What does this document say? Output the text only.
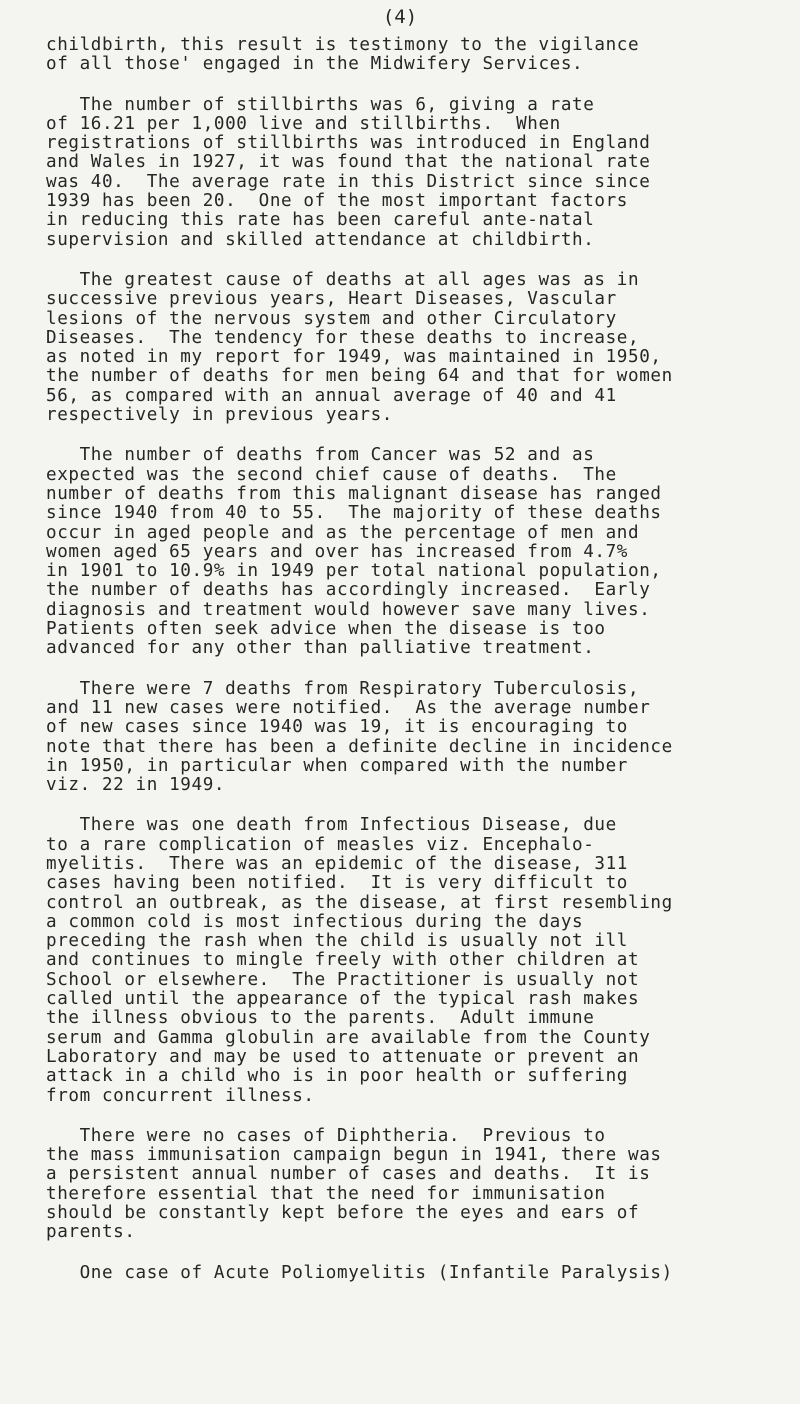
(4)
childbirth, this result is testimony to the vigilance
of all those' engaged in the Midwifery Services.
The number of stillbirths was 6, giving a rate
of 16.21 per 1,000 live and stillbirths.  When
registrations of stillbirths was introduced in England
and Wales in 1927, it was found that the national rate
was 40.  The average rate in this District since since
1939 has been 20.  One of the most important factors
in reducing this rate has been careful ante-natal
supervision and skilled attendance at childbirth.
The greatest cause of deaths at all ages was as in
successive previous years, Heart Diseases, Vascular
lesions of the nervous system and other Circulatory
Diseases.  The tendency for these deaths to increase,
as noted in my report for 1949, was maintained in 1950,
the number of deaths for men being 64 and that for women
56, as compared with an annual average of 40 and 41
respectively in previous years.
The number of deaths from Cancer was 52 and as
expected was the second chief cause of deaths.  The
number of deaths from this malignant disease has ranged
since 1940 from 40 to 55.  The majority of these deaths
occur in aged people and as the percentage of men and
women aged 65 years and over has increased from 4.7%
in 1901 to 10.9% in 1949 per total national population,
the number of deaths has accordingly increased.  Early
diagnosis and treatment would however save many lives.
Patients often seek advice when the disease is too
advanced for any other than palliative treatment.
There were 7 deaths from Respiratory Tuberculosis,
and 11 new cases were notified.  As the average number
of new cases since 1940 was 19, it is encouraging to
note that there has been a definite decline in incidence
in 1950, in particular when compared with the number
viz. 22 in 1949.
There was one death from Infectious Disease, due
to a rare complication of measles viz. Encephalo-
myelitis.  There was an epidemic of the disease, 311
cases having been notified.  It is very difficult to
control an outbreak, as the disease, at first resembling
a common cold is most infectious during the days
preceding the rash when the child is usually not ill
and continues to mingle freely with other children at
School or elsewhere.  The Practitioner is usually not
called until the appearance of the typical rash makes
the illness obvious to the parents.  Adult immune
serum and Gamma globulin are available from the County
Laboratory and may be used to attenuate or prevent an
attack in a child who is in poor health or suffering
from concurrent illness.
There were no cases of Diphtheria.  Previous to
the mass immunisation campaign begun in 1941, there was
a persistent annual number of cases and deaths.  It is
therefore essential that the need for immunisation
should be constantly kept before the eyes and ears of
parents.
One case of Acute Poliomyelitis (Infantile Paralysis)
